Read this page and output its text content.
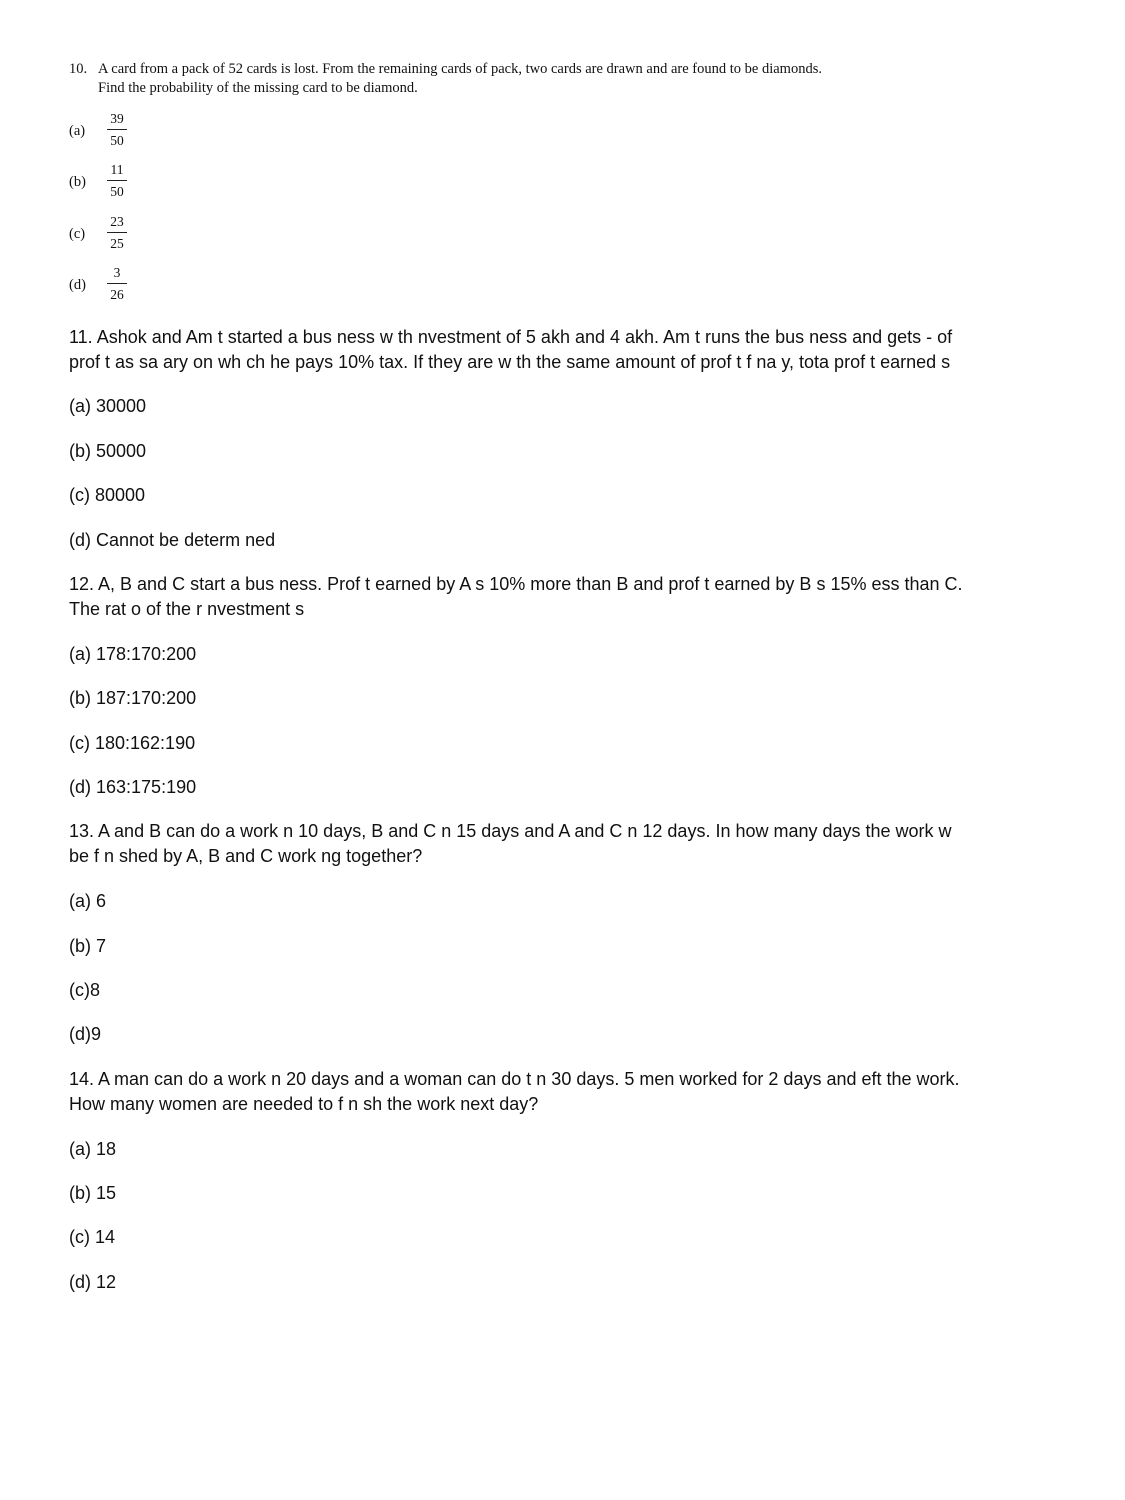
10. A card from a pack of 52 cards is lost. From the remaining cards of pack, two cards are drawn and are found to be diamonds.
Find the probability of the missing card to be diamond.

$(a) \frac{39}{50}$
$(b) \frac{11}{50}$
$(c) \frac{23}{25}$
$(d) \frac{3}{26}$

11. Ashok and Am t started a bus ness w th nvestment of 5 akh and 4 akh. Am t runs the bus ness and gets - of

prof t as sa ary on wh ch he pays 10% tax. If they are w th the same amount of prof t f na y, tota prof t earned s

(a) 30000
(b) 50000
(c) 80000
(d) Cannot be determ ned

12. A, B and C start a bus ness. Prof t earned by A s 10% more than B and prof t earned by B s 15% ess than C.

The rat o of the r nvestment s

(a) 178:170:200
(b) 187:170:200
(c) 180:162:190
(d) 163:175:190

13. A and B can do a work n 10 days, B and C n 15 days and A and C n 12 days. In how many days the work w

be f n shed by A, B and C work ng together?

(a) 6
(b) 7
(c)8
(d)9

14. A man can do a work n 20 days and a woman can do t n 30 days. 5 men worked for 2 days and eft the work.

How many women are needed to f n sh the work next day?

(a) 18
(b) 15
(c) 14
(d) 12
